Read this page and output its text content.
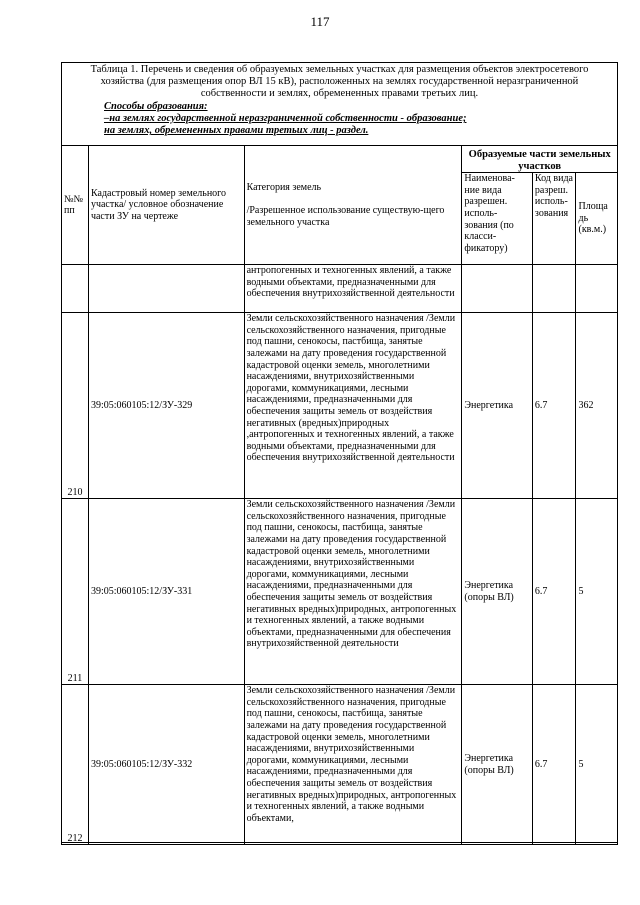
117
Таблица 1. Перечень и сведения об образуемых земельных участках для размещения объектов электросетевого хозяйства (для размещения опор ВЛ 15 кВ), расположенных на землях государственной неразграниченной собственности и землях, обремененных правами третьих лиц.
Способы образования:
–на землях государственной неразграниченной собственности - образование;
на землях, обремененных правами третьих лиц - раздел.
№№ пп	Кадастровый номер земельного участка/ условное обозначение части ЗУ на чертеже	Категория земель

/Разрешенное использование существую-щего земельного участка	Образуемые части земельных участков		
			Наименова-ние вида разрешен. исполь-зования (по класси-фикатору)	Код вида разреш. исполь-зования	Площа дь (кв.м.)
		антропогенных и техногенных явлений, а также водными объектами, предназначенными для обеспечения внутрихозяйственной деятельности			
210	39:05:060105:12/ЗУ-329	Земли сельскохозяйственного назначения /Земли сельскохозяйственного назначения, пригодные под пашни, сенокосы, пастбища, занятые залежами на дату проведения государственной кадастровой оценки земель, многолетними насаждениями, внутрихозяйственными дорогами, коммуникациями, лесными насаждениями, предназначенными для обеспечения защиты земель от воздействия негативных (вредных)природных ,антропогенных и техногенных явлений, а также водными объектами, предназначенными для обеспечения внутрихозяйственной деятельности	Энергетика	6.7	362
211	39:05:060105:12/ЗУ-331	Земли сельскохозяйственного назначения /Земли сельскохозяйственного назначения, пригодные под пашни, сенокосы, пастбища, занятые залежами на дату проведения государственной кадастровой оценки земель, многолетними насаждениями, внутрихозяйственными дорогами, коммуникациями, лесными насаждениями, предназначенными для обеспечения защиты земель от воздействия негативных вредных)природных, антропогенных и техногенных явлений, а также водными объектами, предназначенными для обеспечения внутрихозяйственной деятельности	Энергетика (опоры ВЛ)	6.7	5
212	39:05:060105:12/ЗУ-332	Земли сельскохозяйственного назначения /Земли сельскохозяйственного назначения, пригодные под пашни, сенокосы, пастбища, занятые залежами на дату проведения государственной кадастровой оценки земель, многолетними насаждениями, внутрихозяйственными дорогами, коммуникациями, лесными насаждениями, предназначенными для обеспечения защиты земель от воздействия негативных вредных)природных, антропогенных и техногенных явлений, а также водными объектами,	Энергетика (опоры ВЛ)	6.7	5
